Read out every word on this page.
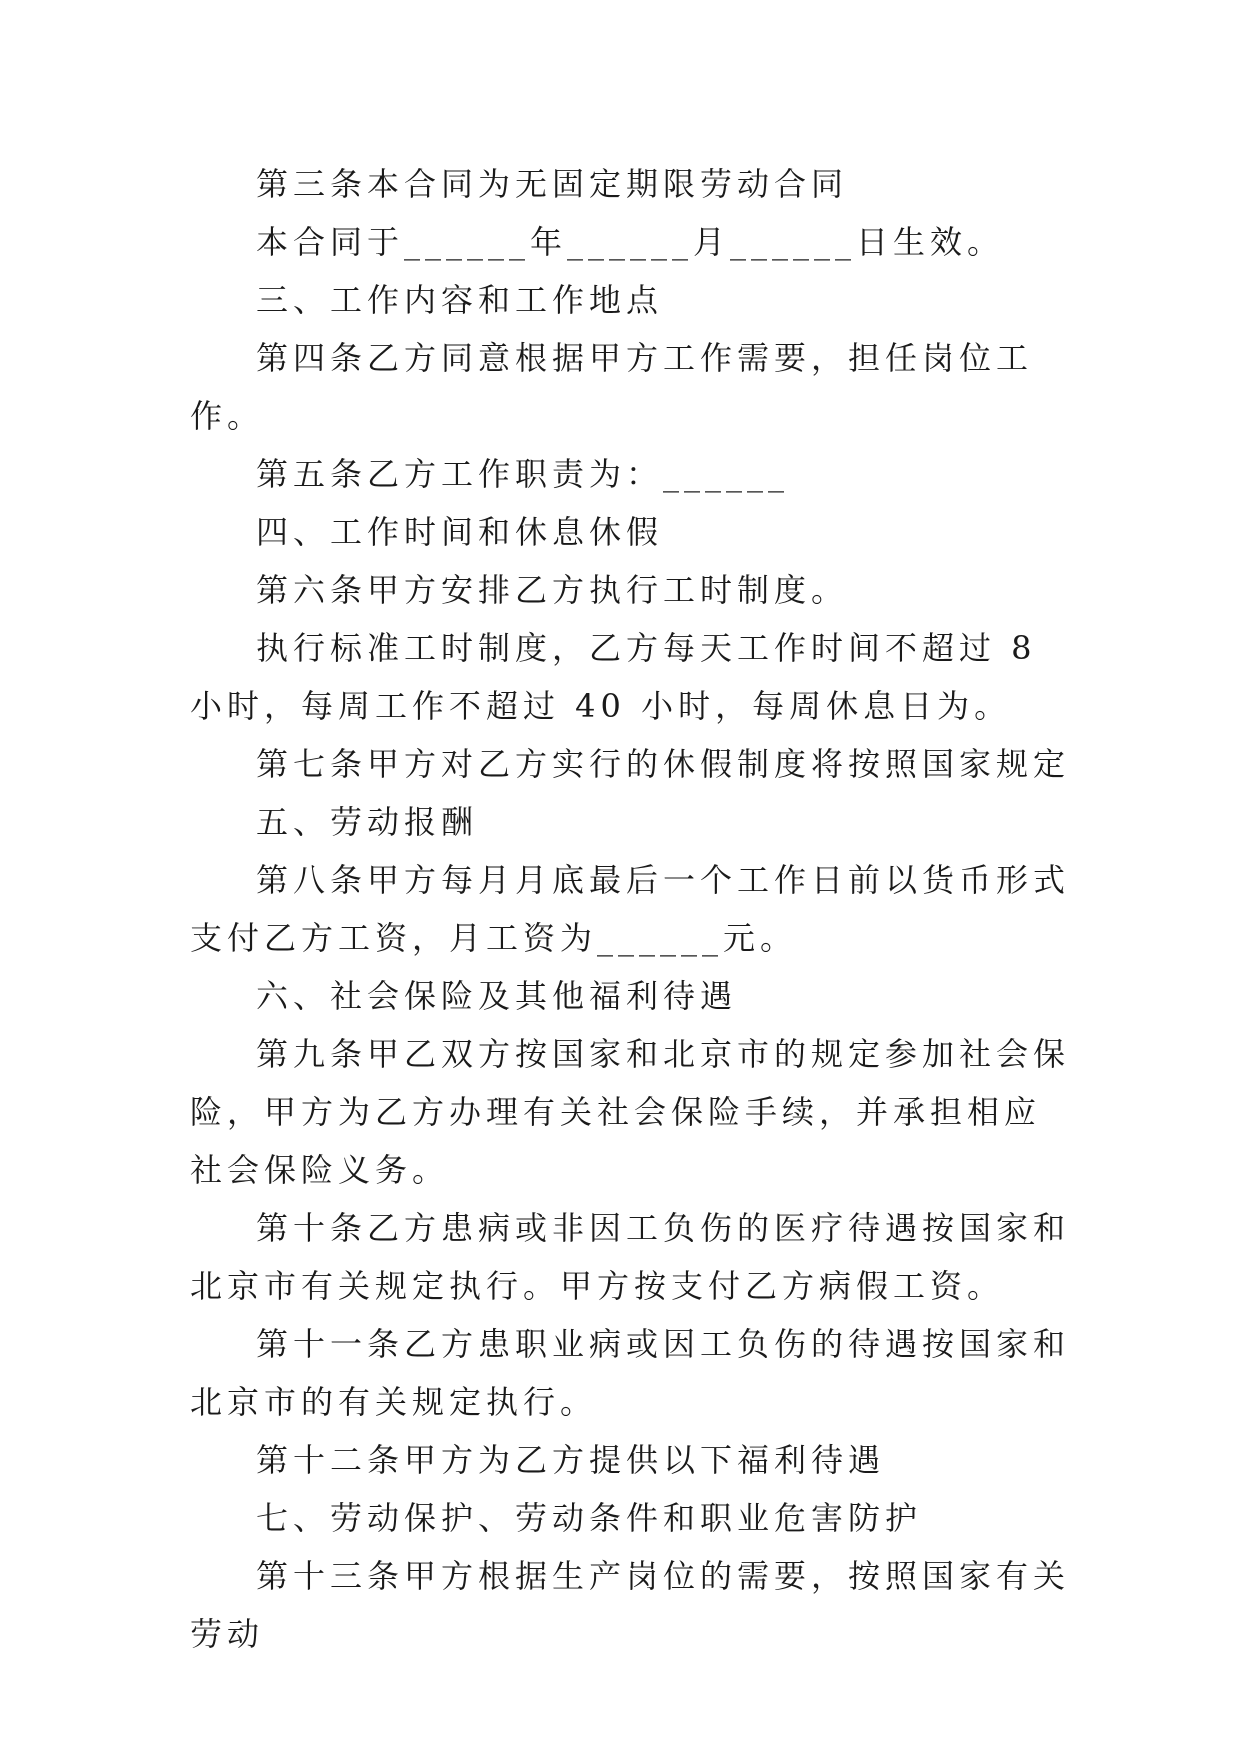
第三条本合同为无固定期限劳动合同

本合同于______年______月______日生效。

三、工作内容和工作地点

第四条乙方同意根据甲方工作需要，担任岗位工作。

第五条乙方工作职责为：______

四、工作时间和休息休假

第六条甲方安排乙方执行工时制度。

执行标准工时制度，乙方每天工作时间不超过 8 小时，每周工作不超过 40 小时，每周休息日为。

第七条甲方对乙方实行的休假制度将按照国家规定

五、劳动报酬

第八条甲方每月月底最后一个工作日前以货币形式支付乙方工资，月工资为______元。

六、社会保险及其他福利待遇

第九条甲乙双方按国家和北京市的规定参加社会保险，甲方为乙方办理有关社会保险手续，并承担相应社会保险义务。

第十条乙方患病或非因工负伤的医疗待遇按国家和北京市有关规定执行。甲方按支付乙方病假工资。

第十一条乙方患职业病或因工负伤的待遇按国家和北京市的有关规定执行。

第十二条甲方为乙方提供以下福利待遇

七、劳动保护、劳动条件和职业危害防护

第十三条甲方根据生产岗位的需要，按照国家有关劳动
